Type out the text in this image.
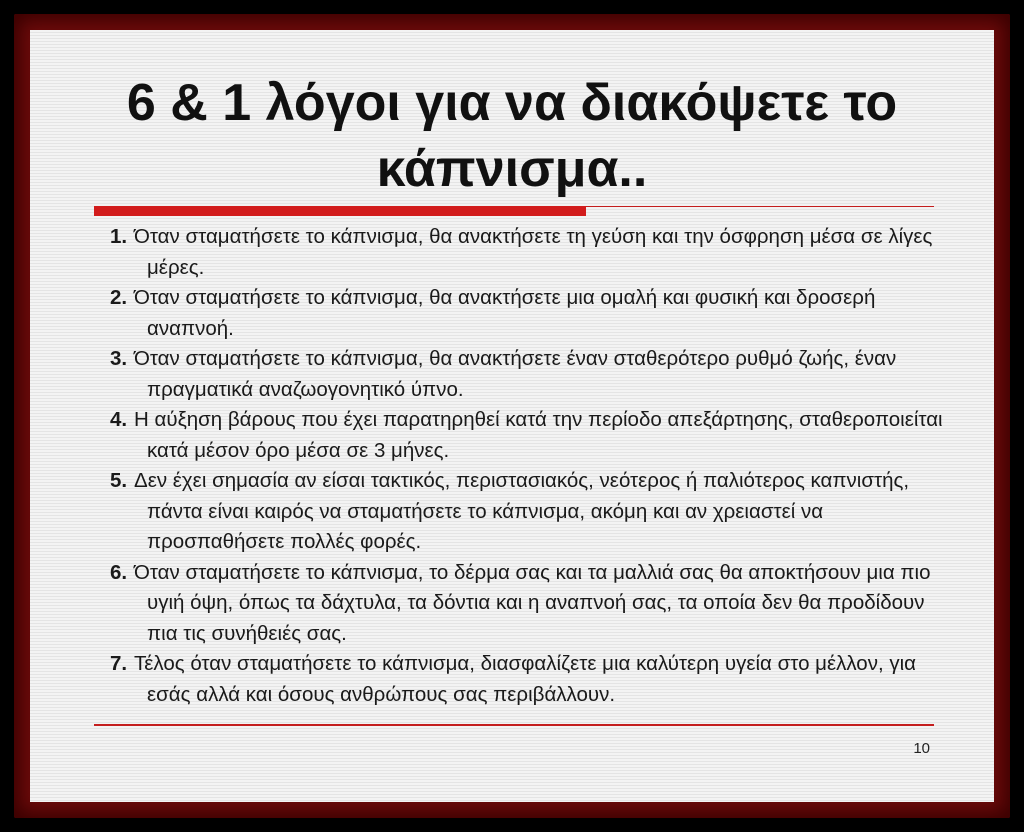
6 & 1 λόγοι για να διακόψετε το
κάπνισμα..
1. Όταν σταματήσετε το κάπνισμα, θα ανακτήσετε τη γεύση και την όσφρηση μέσα σε λίγες μέρες.
2. Όταν σταματήσετε το κάπνισμα, θα ανακτήσετε μια ομαλή και φυσική και δροσερή αναπνοή.
3. Όταν σταματήσετε το κάπνισμα, θα ανακτήσετε έναν σταθερότερο ρυθμό ζωής, έναν πραγματικά αναζωογονητικό ύπνο.
4. Η αύξηση βάρους που έχει παρατηρηθεί κατά την περίοδο απεξάρτησης, σταθεροποιείται κατά μέσον όρο μέσα σε 3 μήνες.
5. Δεν έχει σημασία αν είσαι τακτικός, περιστασιακός, νεότερος ή παλιότερος καπνιστής, πάντα είναι καιρός να σταματήσετε το κάπνισμα, ακόμη και αν χρειαστεί να προσπαθήσετε πολλές φορές.
6. Όταν σταματήσετε το κάπνισμα, το δέρμα σας και τα μαλλιά σας θα αποκτήσουν μια πιο υγιή όψη, όπως τα δάχτυλα, τα δόντια και η αναπνοή σας, τα οποία δεν θα προδίδουν πια τις συνήθειές σας.
7. Τέλος όταν σταματήσετε το κάπνισμα, διασφαλίζετε μια καλύτερη υγεία στο μέλλον, για εσάς αλλά και όσους ανθρώπους σας περιβάλλουν.
10
